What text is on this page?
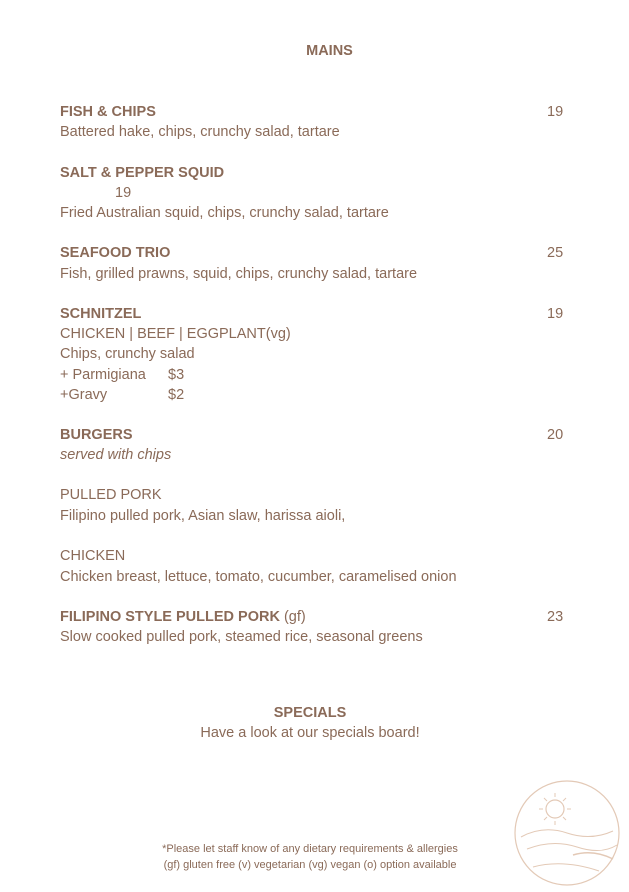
MAINS
FISH & CHIPS	19
Battered hake, chips, crunchy salad, tartare
SALT & PEPPER SQUID
19
Fried Australian squid, chips, crunchy salad, tartare
SEAFOOD TRIO	25
Fish, grilled prawns, squid, chips, crunchy salad, tartare
SCHNITZEL	19
CHICKEN | BEEF | EGGPLANT(vg)
Chips, crunchy salad
+ Parmigiana $3
+Gravy	$2
BURGERS	20
served with chips
PULLED PORK
Filipino pulled pork, Asian slaw, harissa aioli,
CHICKEN
Chicken breast, lettuce, tomato, cucumber, caramelised onion
FILIPINO STYLE PULLED PORK (gf)	23
Slow cooked pulled pork, steamed rice, seasonal greens
SPECIALS
Have a look at our specials board!
*Please let staff know of any dietary requirements & allergies
(gf) gluten free (v) vegetarian (vg) vegan (o) option available
